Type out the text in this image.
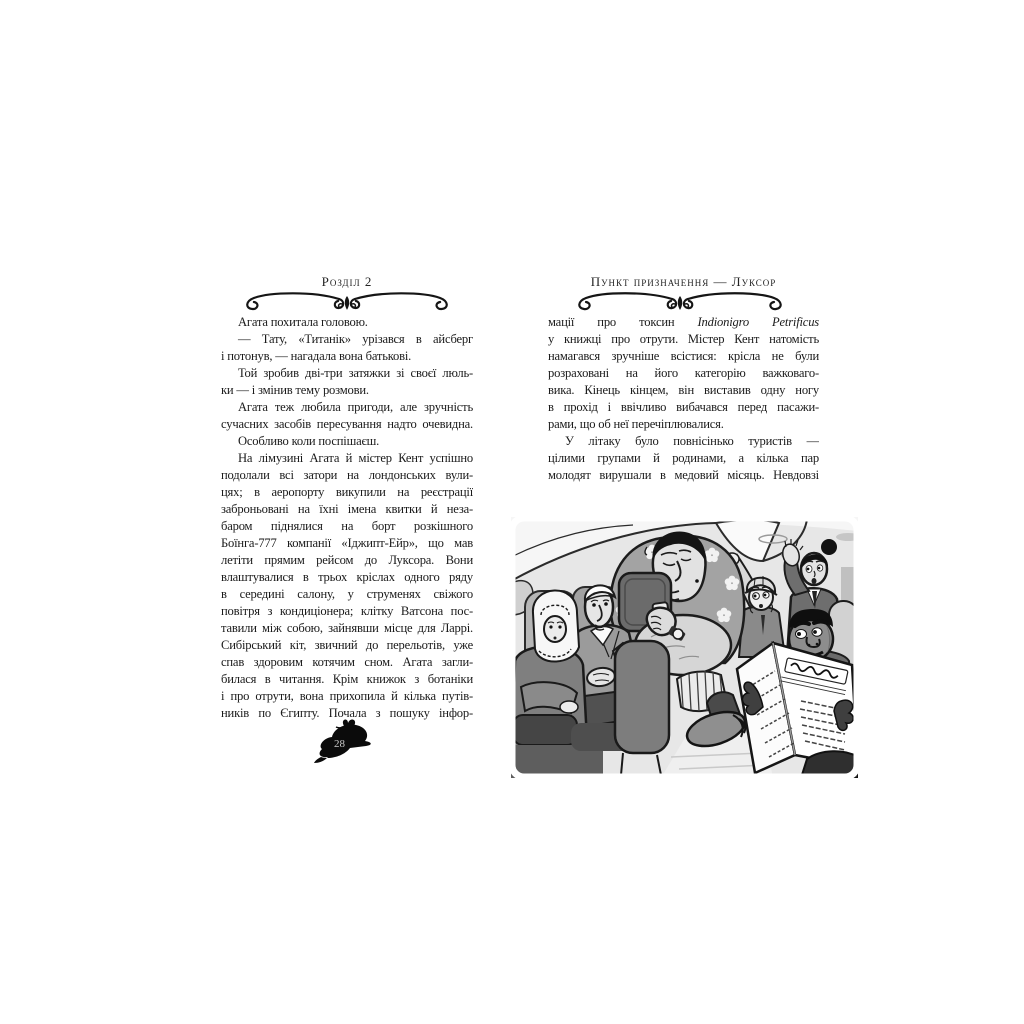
Розділ 2
Агата похитала головою.
— Тату, «Титанік» урізався в айсберг
і потонув, — нагадала вона батькові.
Той зробив дві-три затяжки зі своєї люль-
ки — і змінив тему розмови.
Агата теж любила пригоди, але зручність
сучасних засобів пересування надто очевидна.
Особливо коли поспішаєш.
На лімузині Агата й містер Кент успішно
подолали всі затори на лондонських вули-
цях; в аеропорту викупили на реєстрації
заброньовані на їхні імена квитки й неза-
баром піднялися на борт розкішного
Боїнга-777 компанії «Іджипт-Ейр», що мав
летіти прямим рейсом до Луксора. Вони
влаштувалися в трьох кріслах одного ряду
в середині салону, у струменях свіжого
повітря з кондиціонера; клітку Ватсона пос-
тавили між собою, зайнявши місце для Ларрі.
Сибірський кіт, звичний до перельотів, уже
спав здоровим котячим сном. Агата загли-
билася в читання. Крім книжок з ботаніки
і про отрути, вона прихопила й кілька путів-
ників по Єгипту. Почала з пошуку інфор-
28
Пункт призначення — Луксор
мації про токсин Indionigro Petrificus
у книжці про отрути. Містер Кент натомість
намагався зручніше всістися: крісла не були
розраховані на його категорію важковаго-
вика. Кінець кінцем, він виставив одну ногу
в прохід і ввічливо вибачався перед пасажи-
рами, що об неї перечіплювалися.
У літаку було повнісінько туристів —
цілими групами й родинами, а кілька пар
молодят вирушали в медовий місяць. Невдовзі
